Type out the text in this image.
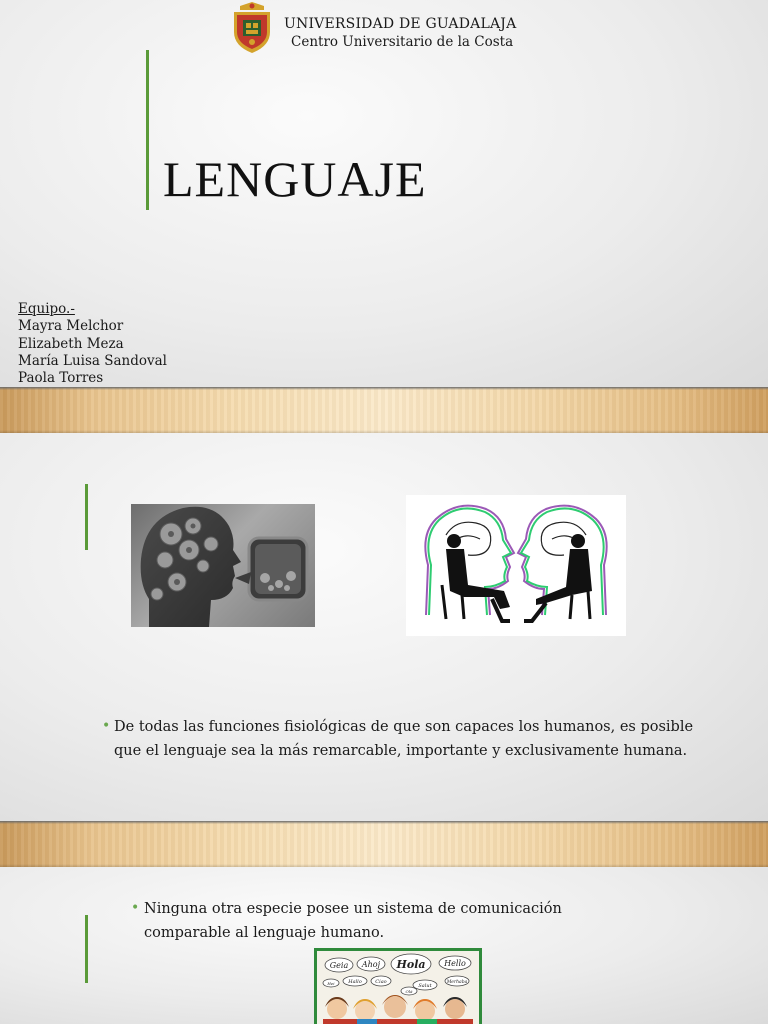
UNIVERSIDAD DE GUADALAJA
Centro Universitario de la Costa
LENGUAJE
Equipo.-
Mayra Melchor
Elizabeth Meza
María Luisa Sandoval
Paola Torres
• De todas las funciones fisiológicas de que son capaces los humanos, es posible que el lenguaje sea la más remarcable, importante y exclusivamente humana.
• Ninguna otra especie posee un sistema de comunicación comparable al lenguaje humano.
Geia Ahoj Hola Hello
Hallo	Ciao
Salut
Hei	Merhaba
Olá
